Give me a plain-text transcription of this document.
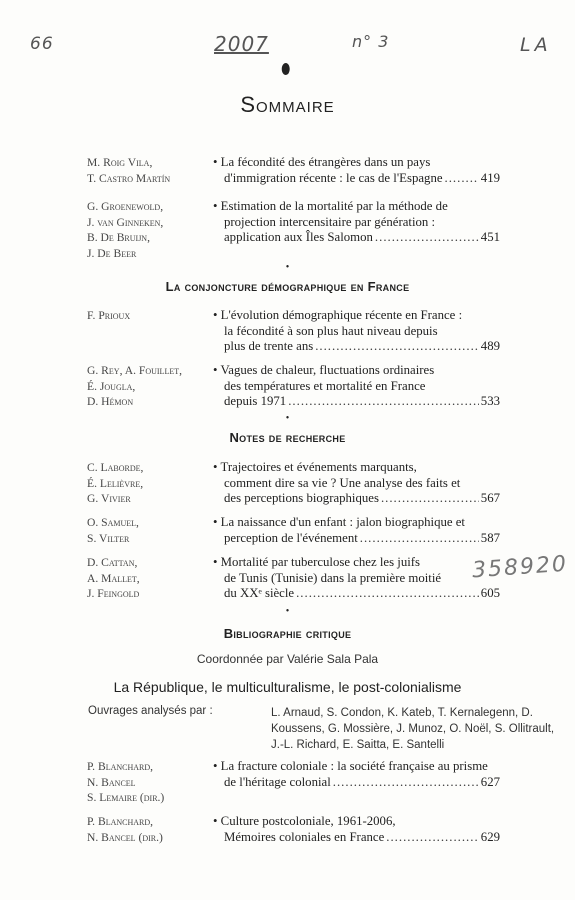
66	2007	n° 3	LA
358920
⬮
Sommaire
M. Roig Vila,
T. Castro Martín
• La fécondité des étrangères dans un pays
d'immigration récente : le cas de l'Espagne .....	419
G. Groenewold,
J. van Ginneken,
B. De Bruijn,
J. De Beer
• Estimation de la mortalité par la méthode de
projection intercensitaire par génération :
application aux Îles Salomon .....	451
•
La conjoncture démographique en France
F. Prioux	• L'évolution démographique récente en France :
la fécondité à son plus haut niveau depuis
plus de trente ans .....	489
G. Rey, A. Fouillet,
É. Jougla,
D. Hémon
• Vagues de chaleur, fluctuations ordinaires
des températures et mortalité en France
depuis 1971 .....	533
•
Notes de recherche
C. Laborde,
É. Lelièvre,
G. Vivier
• Trajectoires et événements marquants,
comment dire sa vie ? Une analyse des faits et
des perceptions biographiques .....	567
O. Samuel,
S. Vilter
• La naissance d'un enfant : jalon biographique et
perception de l'événement .....	587
D. Cattan,
A. Mallet,
J. Feingold
• Mortalité par tuberculose chez les juifs
de Tunis (Tunisie) dans la première moitié
du XXᵉ siècle .....	605
•
Bibliographie critique
Coordonnée par Valérie Sala Pala
La République, le multiculturalisme, le post-colonialisme
Ouvrages analysés par :	L. Arnaud, S. Condon, K. Kateb, T. Kernalegenn, D. Koussens, G. Mossière, J. Munoz, O. Noël, S. Ollitrault, J.-L. Richard, E. Saitta, E. Santelli
P. Blanchard,
N. Bancel
S. Lemaire (dir.)
• La fracture coloniale : la société française au prisme
de l'héritage colonial .....	627
P. Blanchard,
N. Bancel (dir.)
• Culture postcoloniale, 1961-2006,
Mémoires coloniales en France .....	629
